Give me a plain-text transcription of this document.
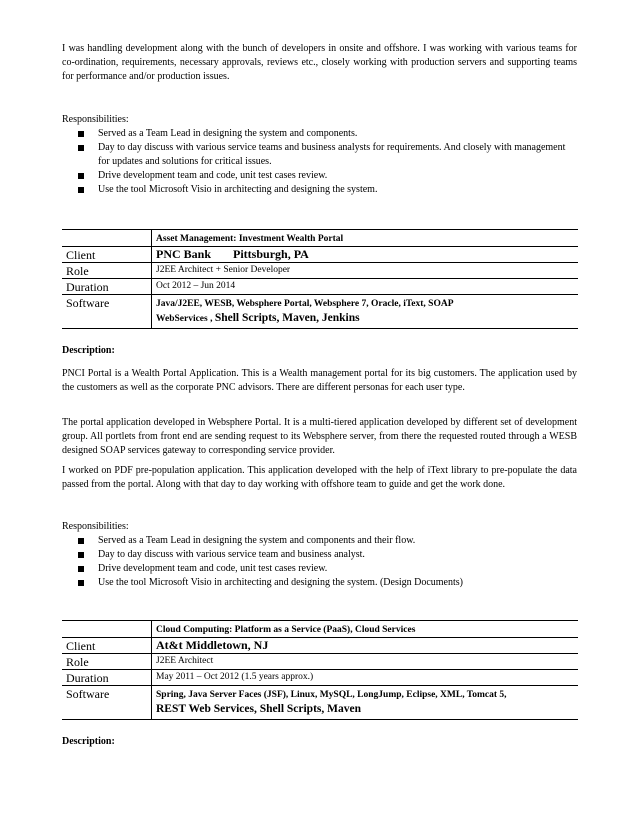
I was handling development along with the bunch of developers in onsite and offshore. I was working with various teams for co-ordination, requirements, necessary approvals, reviews etc., closely working with production servers and supporting teams for performance and/or production issues.

Responsibilities:

Served as a Team Lead in designing the system and components.
Day to day discuss with various service teams and business analysts for requirements. And closely with management for updates and solutions for critical issues.
Drive development team and code, unit test cases review.
Use the tool Microsoft Visio in architecting and designing the system.
	Asset Management: Investment Wealth Portal
Client	PNC Bank Pittsburgh, PA
Role	J2EE Architect + Senior Developer
Duration	Oct 2012 – Jun 2014
Software	Java/J2EE, WESB, Websphere Portal, Websphere 7, Oracle, iText, SOAP
WebServices , Shell Scripts, Maven, Jenkins

Description:

PNCI Portal is a Wealth Portal Application. This is a Wealth management portal for its big customers. The application used by the customers as well as the corporate PNC advisors. There are different personas for each user type.

The portal application developed in Websphere Portal. It is a multi-tiered application developed by different set of development group. All portlets from front end are sending request to its Websphere server, from there the requested routed through a WESB designed SOAP services gateway to corresponding service provider.

I worked on PDF pre-population application. This application developed with the help of iText library to pre-populate the data passed from the portal. Along with that day to day working with offshore team to guide and get the work done.

Responsibilities:

Served as a Team Lead in designing the system and components and their flow.
Day to day discuss with various service team and business analyst.
Drive development team and code, unit test cases review.
Use the tool Microsoft Visio in architecting and designing the system. (Design Documents)
	Cloud Computing: Platform as a Service (PaaS), Cloud Services
Client	At&t Middletown, NJ
Role	J2EE Architect
Duration	May 2011 – Oct 2012 (1.5 years approx.)
Software	Spring, Java Server Faces (JSF), Linux, MySQL, LongJump, Eclipse, XML, Tomcat 5,
REST Web Services, Shell Scripts, Maven

Description:
